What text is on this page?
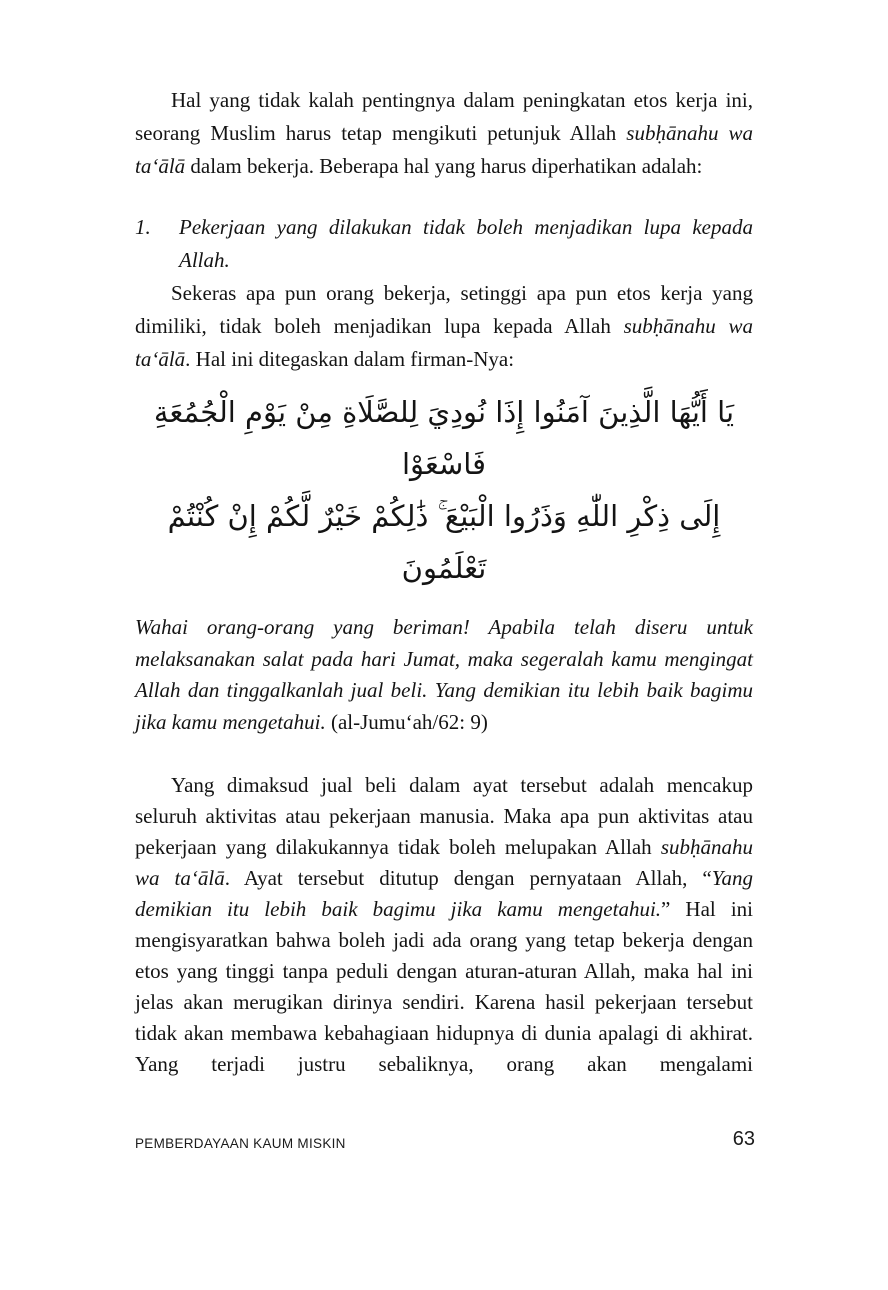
Hal yang tidak kalah pentingnya dalam peningkatan etos kerja ini, seorang Muslim harus tetap mengikuti petunjuk Allah subḥānahu wa ta‘ālā dalam bekerja. Beberapa hal yang harus diperhatikan adalah:

1.	Pekerjaan yang dilakukan tidak boleh menjadikan lupa kepada Allah.

Sekeras apa pun orang bekerja, setinggi apa pun etos kerja yang dimiliki, tidak boleh menjadikan lupa kepada Allah subḥānahu wa ta‘ālā. Hal ini ditegaskan dalam firman-Nya:

يَا أَيُّهَا الَّذِينَ آمَنُوا إِذَا نُودِيَ لِلصَّلَاةِ مِنْ يَوْمِ الْجُمُعَةِ فَاسْعَوْا
إِلَى ذِكْرِ اللّٰهِ وَذَرُوا الْبَيْعَ ۚ ذَٰلِكُمْ خَيْرٌ لَّكُمْ إِنْ كُنْتُمْ تَعْلَمُونَ

Wahai orang-orang yang beriman! Apabila telah diseru untuk melaksanakan salat pada hari Jumat, maka segeralah kamu mengingat Allah dan tinggalkanlah jual beli. Yang demikian itu lebih baik bagimu jika kamu mengetahui. (al-Jumu‘ah/62: 9)

Yang dimaksud jual beli dalam ayat tersebut adalah mencakup seluruh aktivitas atau pekerjaan manusia. Maka apa pun aktivitas atau pekerjaan yang dilakukannya tidak boleh melupakan Allah subḥānahu wa ta‘ālā. Ayat tersebut ditutup dengan pernyataan Allah, “Yang demikian itu lebih baik bagimu jika kamu mengetahui.” Hal ini mengisyaratkan bahwa boleh jadi ada orang yang tetap bekerja dengan etos yang tinggi tanpa peduli dengan aturan-aturan Allah, maka hal ini jelas akan merugikan dirinya sendiri. Karena hasil pekerjaan tersebut tidak akan membawa kebahagiaan hidupnya di dunia apalagi di akhirat. Yang terjadi justru sebaliknya, orang akan mengalami

PEMBERDAYAAN KAUM MISKIN	63
